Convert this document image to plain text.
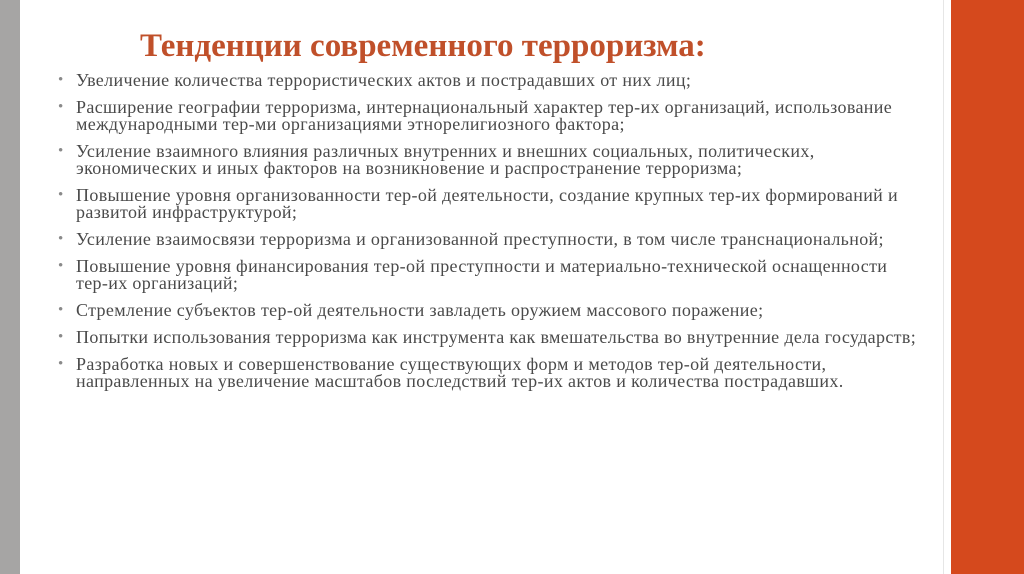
Тенденции современного терроризма:
• Увеличение количества террористических актов и пострадавших от них лиц;
• Расширение географии терроризма, интернациональный характер тер-их организаций, использование международными тер-ми организациями этнорелигиозного фактора;
• Усиление взаимного влияния различных внутренних и внешних социальных, политических, экономических и иных факторов на возникновение и распространение терроризма;
• Повышение уровня организованности тер-ой деятельности, создание крупных тер-их формирований и развитой инфраструктурой;
• Усиление взаимосвязи терроризма и организованной преступности, в том числе транснациональной;
• Повышение уровня финансирования тер-ой преступности и материально-технической оснащенности тер-их организаций;
• Стремление субъектов тер-ой деятельности завладеть оружием массового поражение;
• Попытки использования терроризма как инструмента как вмешательства во внутренние дела государств;
• Разработка новых и совершенствование существующих форм и методов тер-ой деятельности, направленных на увеличение масштабов последствий тер-их актов и количества пострадавших.
